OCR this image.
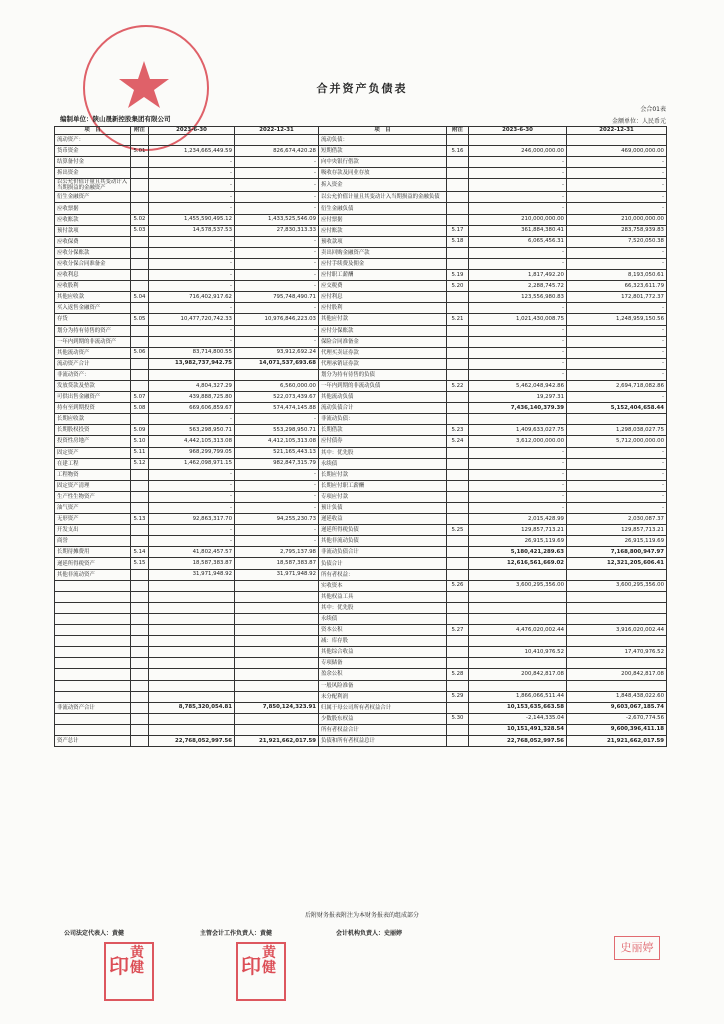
合并资产负债表
会合01表
编制单位：陕山晟新控股集团有限公司	金额单位：人民币元
项　目	附注	2023-6-30	2022-12-31	项　目	附注	2023-6-30	2022-12-31
流动资产：				流动负债：			
货币资金	5.01	1,234,665,449.59	826,674,420.28	短期借款	5.16	246,000,000.00	469,000,000.00
结算备付金		-	-	向中央银行借款		-	-
拆出资金		-	-	吸收存款及同业存放		-	-
以公允价值计量且其变动计入当期损益的金融资产		-	-	拆入资金		-	-
衍生金融资产		-	-	以公允价值计量且其变动计入当期损益的金融负债		-	-
应收票据		-	-	衍生金融负债		-	-
应收账款	5.02	1,455,590,495.12	1,433,525,546.09	应付票据		210,000,000.00	210,000,000.00
预付款项	5.03	14,578,537.53	27,830,313.33	应付账款	5.17	361,884,380.41	283,758,939.83
应收保费		-	-	预收款项	5.18	6,065,456.31	7,520,050.38
应收分保账款		-	-	卖出回购金融资产款		-	-
应收分保合同准备金		-	-	应付手续费及佣金		-	-
应收利息		-	-	应付职工薪酬	5.19	1,817,492.20	8,193,050.61
应收股利		-	-	应交税费	5.20	2,288,745.72	66,323,611.79
其他应收款	5.04	716,402,917.62	795,748,490.71	应付利息		123,556,980.83	172,801,772.37
买入返售金融资产		-	-	应付股利		-	-
存货	5.05	10,477,720,742.33	10,976,846,223.03	其他应付款	5.21	1,021,430,008.75	1,248,959,150.56
划分为持有待售的资产		-	-	应付分保账款		-	-
一年内到期的非流动资产		-	-	保险合同准备金		-	-
其他流动资产	5.06	83,714,800.55	93,912,692.24	代理买卖证券款		-	-
流动资产合计		13,982,737,942.75	14,071,537,693.68	代理承销证券款		-	-
非流动资产：				划分为持有待售的负债		-	-
发放贷款及垫款		4,804,327.29	6,560,000.00	一年内到期的非流动负债	5.22	5,462,048,942.86	2,694,718,082.86
可供出售金融资产	5.07	439,888,725.80	522,073,439.67	其他流动负债		19,297.31	-
持有至到期投资	5.08	669,606,859.67	574,474,145.88	流动负债合计		7,436,140,379.39	5,152,404,658.44
长期应收款		-	-	非流动负债：			
长期股权投资	5.09	563,298,950.71	553,298,950.71	长期借款	5.23	1,409,633,027.75	1,298,038,027.75
投资性房地产	5.10	4,442,105,313.08	4,412,105,313.08	应付债券	5.24	3,612,000,000.00	5,712,000,000.00
固定资产	5.11	968,299,799.05	521,165,443.13	其中：优先股		-	-
在建工程	5.12	1,462,098,971.15	982,847,315.79	永续债		-	-
工程物资		-	-	长期应付款		-	-
固定资产清理		-	-	长期应付职工薪酬		-	-
生产性生物资产		-	-	专项应付款		-	-
油气资产		-	-	预计负债		-	-
无形资产	5.13	92,863,317.70	94,255,230.73	递延收益		2,015,428.99	2,030,087.37
开发支出		-	-	递延所得税负债	5.25	129,857,713.21	129,857,713.21
商誉		-	-	其他非流动负债		26,915,119.69	26,915,119.69
长期待摊费用	5.14	41,802,457.57	2,795,137.98	非流动负债合计		5,180,421,289.63	7,168,800,947.97
递延所得税资产	5.15	18,587,383.87	18,587,383.87	负债合计		12,616,561,669.02	12,321,205,606.41
其他非流动资产		31,971,948.92	31,971,948.92	所有者权益：			
				实收资本	5.26	3,600,295,356.00	3,600,295,356.00
				其他权益工具			
				其中：优先股			
				永续债			
				资本公积	5.27	4,476,020,002.44	3,916,020,002.44
				减：库存股			
				其他综合收益		10,410,976.52	17,470,976.52
				专项储备			
				盈余公积	5.28	200,842,817.08	200,842,817.08
				一般风险准备			
				未分配利润	5.29	1,866,066,511.44	1,848,438,022.60
非流动资产合计		8,785,320,054.81	7,850,124,323.91	归属于母公司所有者权益合计		10,153,635,663.58	9,603,067,185.74
				少数股东权益	5.30	-2,144,335.04	-2,670,774.56
				所有者权益合计		10,151,491,328.54	9,600,396,411.18
资产总计		22,768,052,997.56	21,921,662,017.59	负债和所有者权益总计		22,768,052,997.56	21,921,662,017.59
后附财务报表附注为本财务报表的组成部分
公司法定代表人：黄健	主管会计工作负责人：黄健	会计机构负责人：史丽婷
印
黄
健	印
黄
健
史丽婷
